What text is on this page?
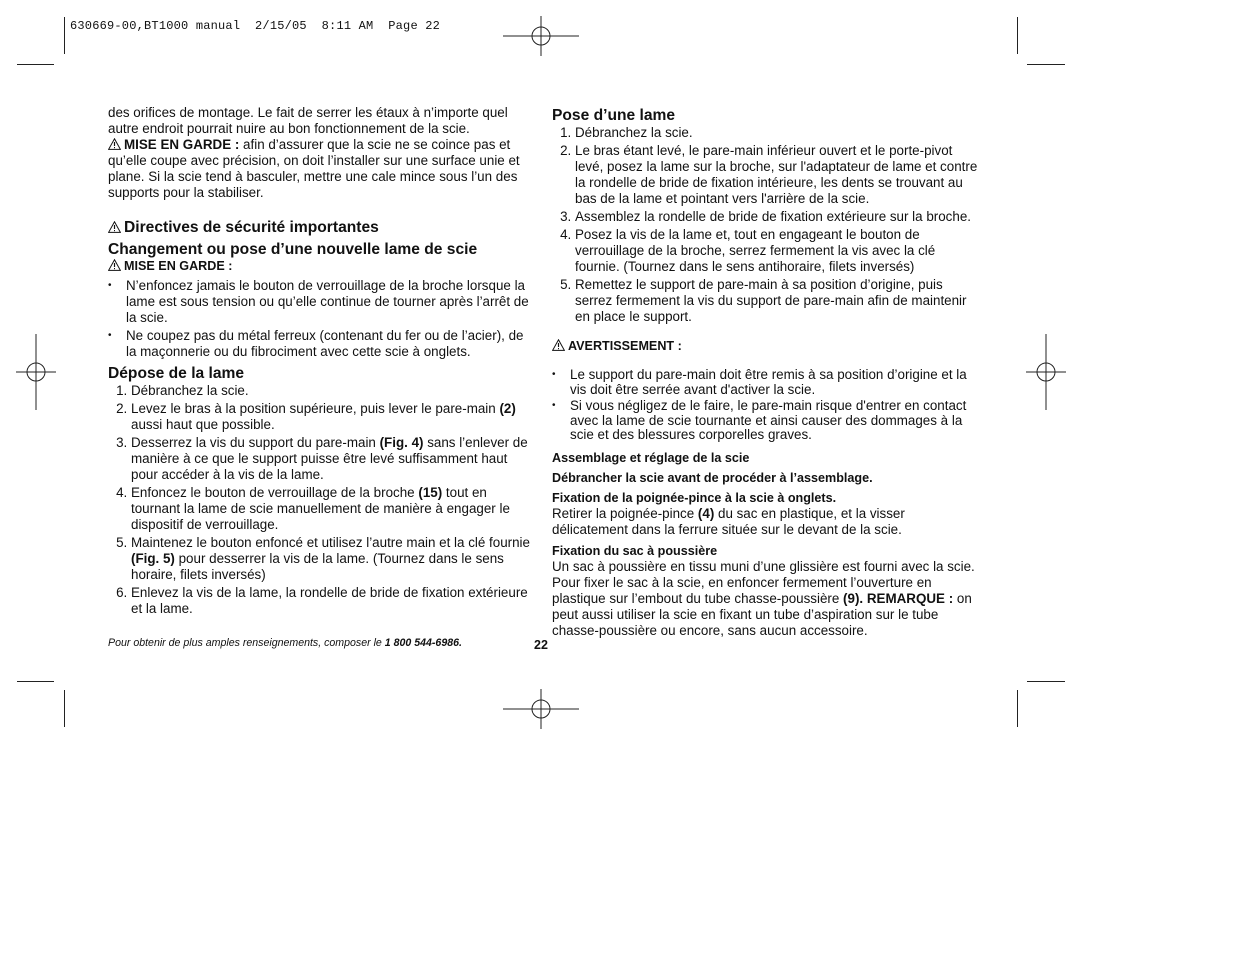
630669-00,BT1000 manual  2/15/05  8:11 AM  Page 22

des orifices de montage. Le fait de serrer les étaux à n’importe quel autre endroit pourrait nuire au bon fonctionnement de la scie.

MISE EN GARDE : afin d’assurer que la scie ne se coince pas et qu’elle coupe avec précision, on doit l’installer sur une surface unie et plane. Si la scie tend à basculer, mettre une cale mince sous l’un des supports pour la stabiliser.

Directives de sécurité importantes
Changement ou pose d’une nouvelle lame de scie
MISE EN GARDE :
• N’enfoncez jamais le bouton de verrouillage de la broche lorsque la lame est sous tension ou qu’elle continue de tourner après l’arrêt de la scie.
• Ne coupez pas du métal ferreux (contenant du fer ou de l’acier), de la maçonnerie ou du fibrociment avec cette scie à onglets.
Dépose de la lame
1. Débranchez la scie.
2. Levez le bras à la position supérieure, puis lever le pare-main (2) aussi haut que possible.
3. Desserrez la vis du support du pare-main (Fig. 4) sans l’enlever de manière à ce que le support puisse être levé suffisamment haut pour accéder à la vis de la lame.
4. Enfoncez le bouton de verrouillage de la broche (15) tout en tournant la lame de scie manuellement de manière à engager le dispositif de verrouillage.
5. Maintenez le bouton enfoncé et utilisez l’autre main et la clé fournie (Fig. 5) pour desserrer la vis de la lame. (Tournez dans le sens horaire, filets inversés)
6. Enlevez la vis de la lame, la rondelle de bride de fixation extérieure et la lame.
Pose d’une lame
1. Débranchez la scie.
2. Le bras étant levé, le pare-main inférieur ouvert et le porte-pivot levé, posez la lame sur la broche, sur l'adaptateur de lame et contre la rondelle de bride de fixation intérieure, les dents se trouvant au bas de la lame et pointant vers l'arrière de la scie.
3. Assemblez la rondelle de bride de fixation extérieure sur la broche.
4. Posez la vis de la lame et, tout en engageant le bouton de verrouillage de la broche, serrez fermement la vis avec la clé fournie. (Tournez dans le sens antihoraire, filets inversés)
5. Remettez le support de pare-main à sa position d’origine, puis serrez fermement la vis du support de pare-main afin de maintenir en place le support.
AVERTISSEMENT :
• Le support du pare-main doit être remis à sa position d’origine et la vis doit être serrée avant d'activer la scie.
• Si vous négligez de le faire, le pare-main risque d'entrer en contact avec la lame de scie tournante et ainsi causer des dommages à la scie et des blessures corporelles graves.
Assemblage et réglage de la scie
Débrancher la scie avant de procéder à l’assemblage.
Fixation de la poignée-pince à la scie à onglets.

Retirer la poignée-pince (4) du sac en plastique, et la visser délicatement dans la ferrure située sur le devant de la scie.

Fixation du sac à poussière

Un sac à poussière en tissu muni d’une glissière est fourni avec la scie. Pour fixer le sac à la scie, en enfoncer fermement l’ouverture en plastique sur l’embout du tube chasse-poussière (9). REMARQUE : on peut aussi utiliser la scie en fixant un tube d’aspiration sur le tube chasse-poussière ou encore, sans aucun accessoire.

Pour obtenir de plus amples renseignements, composer le 1 800 544-6986.	22
